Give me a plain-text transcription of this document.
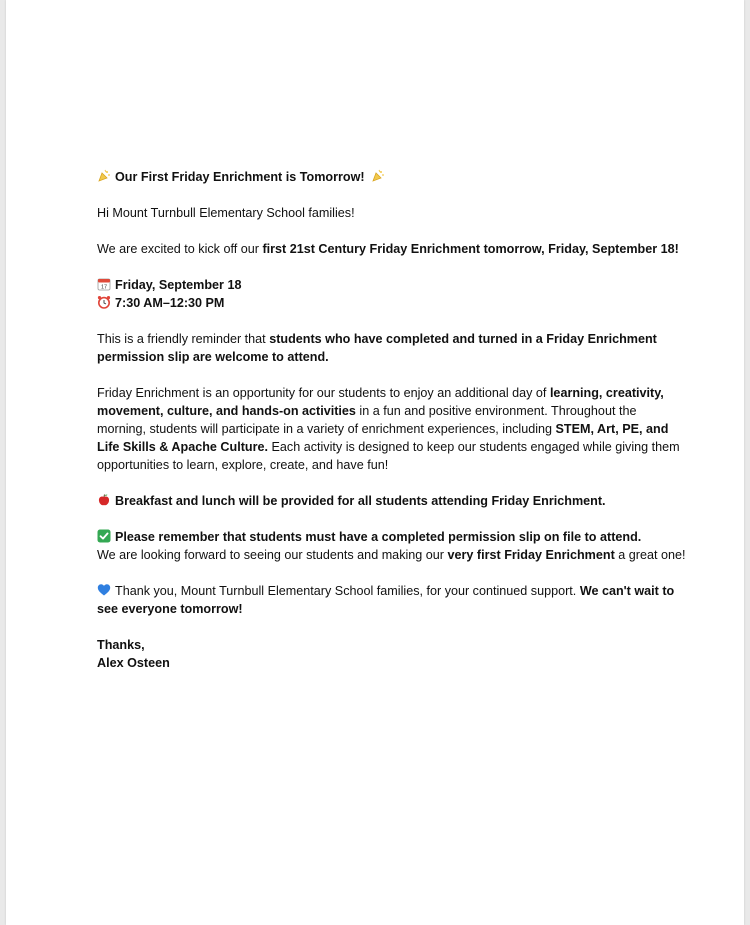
Our First Friday Enrichment is Tomorrow!

Hi Mount Turnbull Elementary School families!

We are excited to kick off our first 21st Century Friday Enrichment tomorrow, Friday, September 18!

17 Friday, September 18
7:30 AM–12:30 PM

This is a friendly reminder that students who have completed and turned in a Friday Enrichment permission slip are welcome to attend.

Friday Enrichment is an opportunity for our students to enjoy an additional day of learning, creativity, movement, culture, and hands-on activities in a fun and positive environment. Throughout the morning, students will participate in a variety of enrichment experiences, including STEM, Art, PE, and Life Skills & Apache Culture. Each activity is designed to keep our students engaged while giving them opportunities to learn, explore, create, and have fun!

Breakfast and lunch will be provided for all students attending Friday Enrichment.

Please remember that students must have a completed permission slip on file to attend.
We are looking forward to seeing our students and making our very first Friday Enrichment a great one!

Thank you, Mount Turnbull Elementary School families, for your continued support. We can't wait to see everyone tomorrow!

Thanks,
Alex Osteen
